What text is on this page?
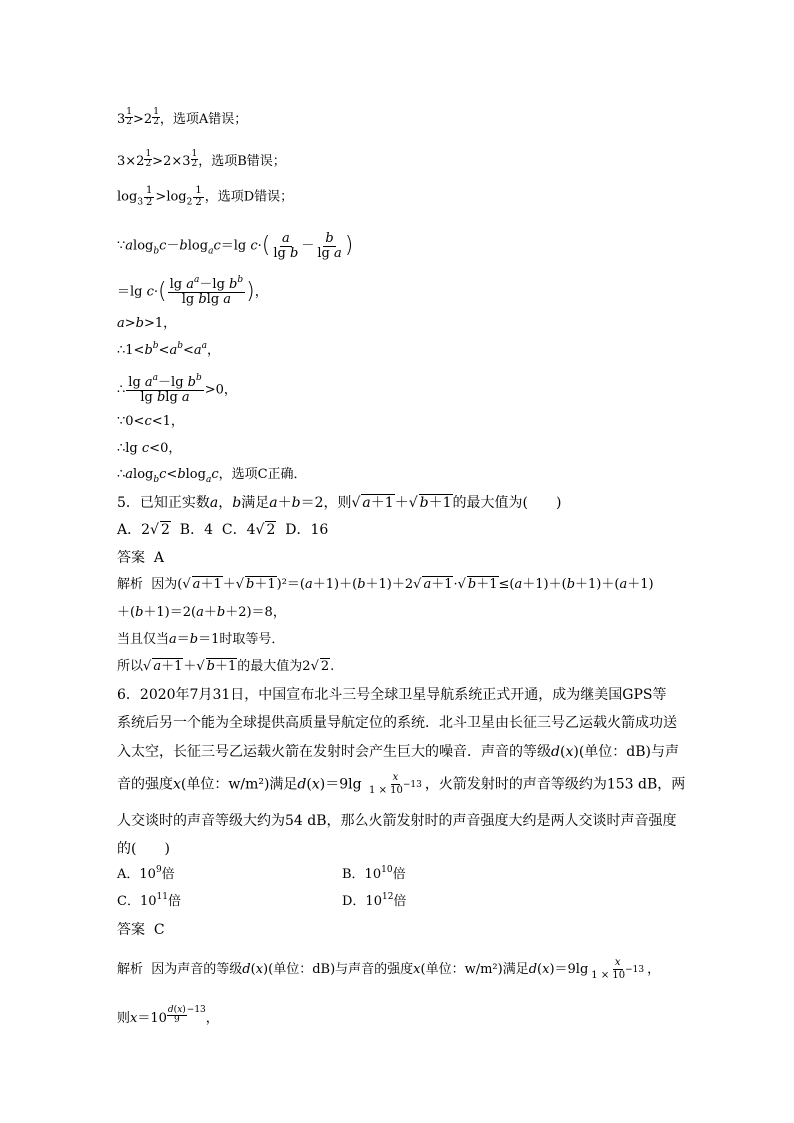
$3 \frac{1}{2} >2 \frac{1}{2}$ ，选项A错误；
$3\times 2 \frac{1}{2} >2\times 3 \frac{1}{2}$ ，选项B错误；
$\log_3 \frac{1}{2} >\log_2 \frac{1}{2}$ ，选项D错误；
∵alog$_b$c－blog$_a$c＝lg $c\cdot( \frac{a}{\text{lg b}} - \frac{b}{\text{lg a}}$ )
＝lg $c\cdot( \frac{\lg a^a-\lg b^b}{\text{lg blg a}}$ )，
a>b>1，
$\therefore 1<b^b<a^b<a^a$，
∴ $\frac{\lg a^a-\lg b^b}{\text{lg blg a}} >0$，
∵0<c<1，
∴lg c<0，
∴alog$_b$c<blog$_a$c，选项C正确．
5．已知正实数a，b满足a＋b＝2，则√ a＋1＋√ b＋1的最大值为(　　)
A．2√ 2 B．4 C．4√ 2 D．16
答案 A
解析 因为(√ a＋1＋√ b＋1)²＝(a＋1)＋(b＋1)＋2√ a＋1·√ b＋1≤(a＋1)＋(b＋1)＋(a＋1)
＋(b＋1)＝2(a＋b＋2)＝8，
当且仅当a＝b＝1时取等号．
所以√ a＋1＋√ b＋1的最大值为2√ 2.
6．2020年7月31日，中国宣布北斗三号全球卫星导航系统正式开通，成为继美国GPS等
系统后另一个能为全球提供高质量导航定位的系统．北斗卫星由长征三号乙运载火箭成功送
入太空，长征三号乙运载火箭在发射时会产生巨大的噪音．声音的等级d(x)(单位：dB)与声
音的强度x(单位：w/m²)满足$d(x)=9\lg \frac{x}{1 \times 10^{-13}}$ ，火箭发射时的声音等级约为153 dB，两
人交谈时的声音等级大约为54 dB，那么火箭发射时的声音强度大约是两人交谈时声音强度
的(　　)
A．$10^9$倍	B．$10^{10}$倍
C．$10^{11}$倍	D．$10^{12}$倍
答案 C
解析 因为声音的等级d(x)(单位：dB)与声音的强度x(单位：w/m²)满足$d(x)=9\lg \frac{x}{1 \times 10^{-13}}$ ，
则$x=10 \frac{d(x)}{9} ^{-13}$，
